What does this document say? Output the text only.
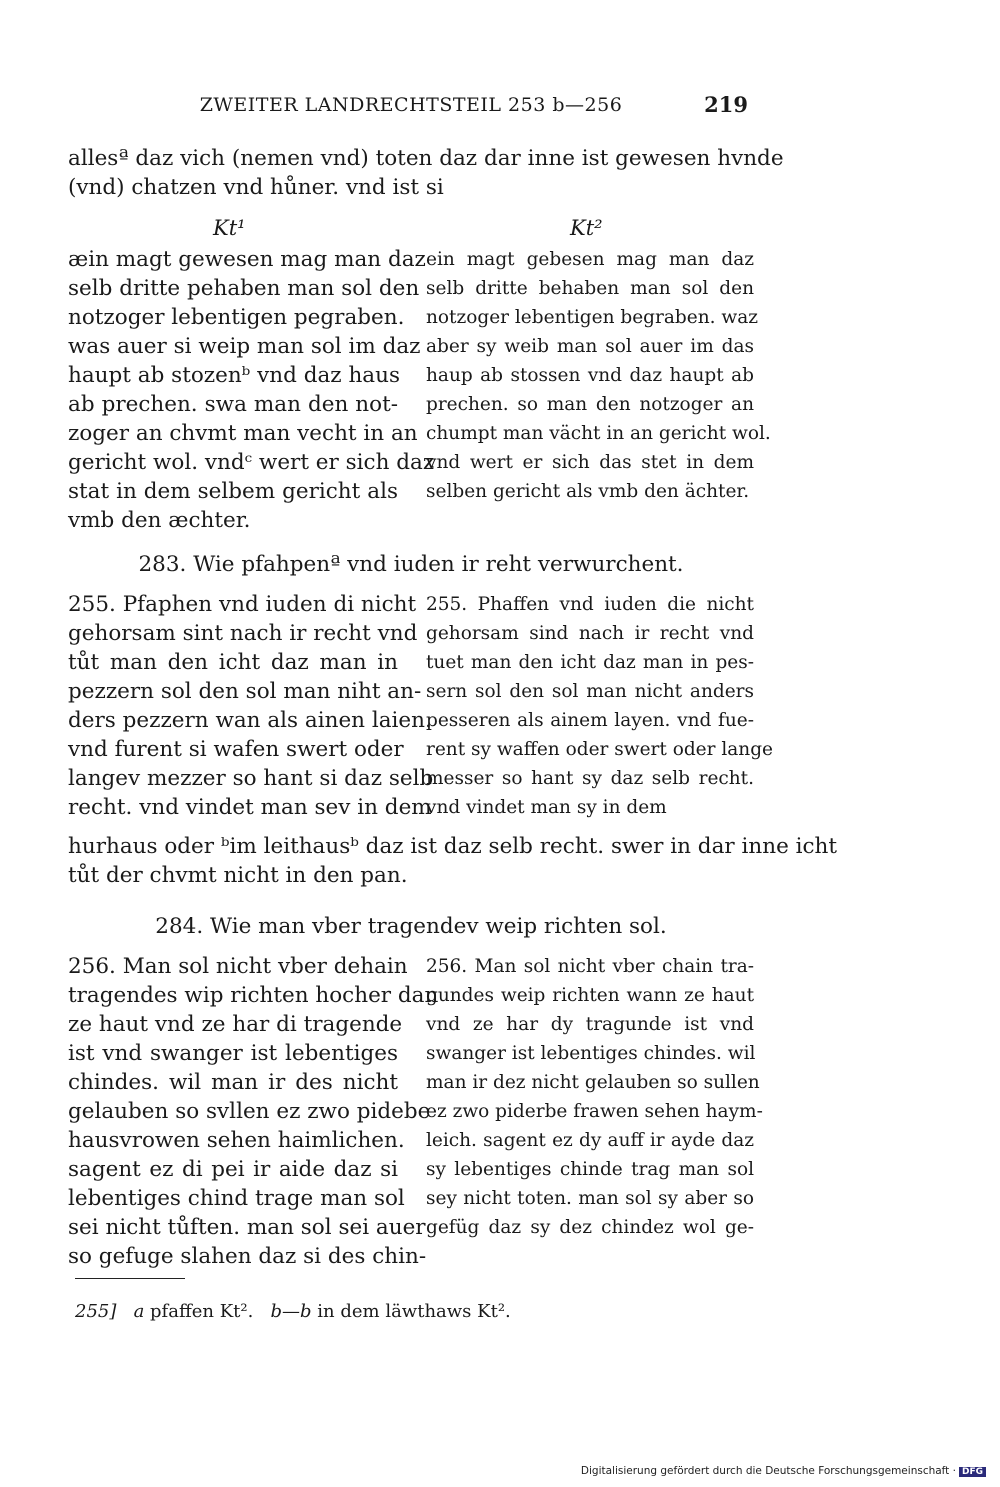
ZWEITER LANDRECHTSTEIL 253 b—256	219
allesª daz vich (nemen vnd) toten daz dar inne ist gewesen hvnde
(vnd) chatzen vnd hůner. vnd ist si
Kt¹	Kt²
æin magt gewesen mag man daz
selb dritte pehaben man sol den
notzoger lebentigen pegraben.
was auer si weip man sol im daz
haupt ab stozenᵇ vnd daz haus
ab prechen. swa man den not-
zoger an chvmt man vecht in an
gericht wol. vndᶜ wert er sich daz
stat in dem selbem gericht als
vmb den æchter.
ein magt gebesen mag man daz
selb dritte behaben man sol den
notzoger lebentigen begraben. waz
aber sy weib man sol auer im das
haup ab stossen vnd daz haupt ab
prechen. so man den notzoger an
chumpt man vächt in an gericht wol.
vnd wert er sich das stet in dem
selben gericht als vmb den ächter.
283. Wie pfahpenª vnd iuden ir reht verwurchent.
255. Pfaphen vnd iuden di nicht
gehorsam sint nach ir recht vnd
tůt man den icht daz man in
pezzern sol den sol man niht an-
ders pezzern wan als ainen laien.
vnd furent si wafen swert oder
langev mezzer so hant si daz selb
recht. vnd vindet man sev in dem
255. Phaffen vnd iuden die nicht
gehorsam sind nach ir recht vnd
tuet man den icht daz man in pes-
sern sol den sol man nicht anders
pesseren als ainem layen. vnd fue-
rent sy waffen oder swert oder lange
messer so hant sy daz selb recht.
vnd vindet man sy in dem
hurhaus oder ᵇim leithausᵇ daz ist daz selb recht. swer in dar inne icht
tůt der chvmt nicht in den pan.
284. Wie man vber tragendev weip richten sol.
256. Man sol nicht vber dehain
tragendes wip richten hocher dan
ze haut vnd ze har di tragende
ist vnd swanger ist lebentiges
chindes. wil man ir des nicht
gelauben so svllen ez zwo pidebe
hausvrowen sehen haimlichen.
sagent ez di pei ir aide daz si
lebentiges chind trage man sol
sei nicht tůften. man sol sei auer
so gefuge slahen daz si des chin-
256. Man sol nicht vber chain tra-
gundes weip richten wann ze haut
vnd ze har dy tragunde ist vnd
swanger ist lebentiges chindes. wil
man ir dez nicht gelauben so sullen
ez zwo piderbe frawen sehen haym-
leich. sagent ez dy auff ir ayde daz
sy lebentiges chinde trag man sol
sey nicht toten. man sol sy aber so
gefüg daz sy dez chindez wol ge-
255] a pfaffen Kt². b—b in dem läwthaws Kt².
Digitalisierung gefördert durch die Deutsche Forschungsgemeinschaft · DFG
